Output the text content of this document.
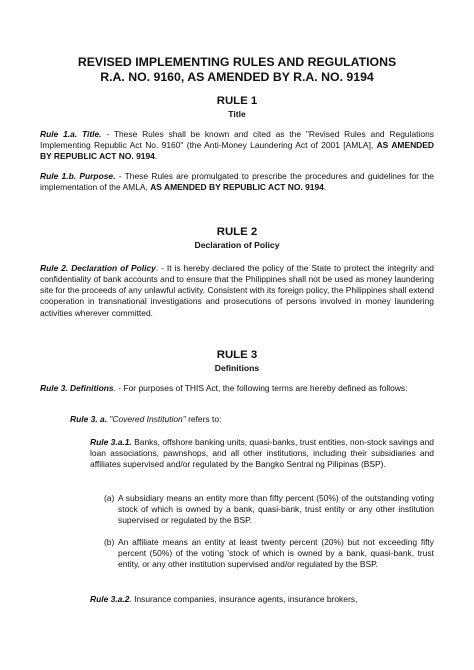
REVISED IMPLEMENTING RULES AND REGULATIONS

R.A. NO. 9160, AS AMENDED BY R.A. NO. 9194

RULE 1

Title

Rule 1.a. Title. - These Rules shall be known and cited as the "Revised Rules and Regulations Implementing Republic Act No. 9160" (the Anti-Money Laundering Act of 2001 [AMLA], AS AMENDED BY REPUBLIC ACT NO. 9194.

Rule 1.b. Purpose. - These Rules are promulgated to prescribe the procedures and guidelines for the implementation of the AMLA, AS AMENDED BY REPUBLIC ACT NO. 9194.

RULE 2

Declaration of Policy

Rule 2. Declaration of Policy. - It is hereby declared the policy of the State to protect the integrity and confidentiality of bank accounts and to ensure that the Philippines shall not be used as money laundering site for the proceeds of any unlawful activity. Consistent with its foreign policy, the Philippines shall extend cooperation in transnational investigations and prosecutions of persons involved in money laundering activities wherever committed.

RULE 3

Definitions

Rule 3. Definitions. - For purposes of THIS Act, the following terms are hereby defined as follows:

Rule 3. a. "Covered Institution" refers to:

Rule 3.a.1. Banks, offshore banking units, quasi-banks, trust entities, non-stock savings and loan associations, pawnshops, and all other institutions, including their subsidiaries and affiliates supervised and/or regulated by the Bangko Sentral ng Pilipinas (BSP).

(a) A subsidiary means an entity more than fifty percent (50%) of the outstanding voting stock of which is owned by a bank, quasi-bank, trust entity or any other institution supervised or regulated by the BSP.

(b) An affiliate means an entity at least twenty percent (20%) but not exceeding fifty percent (50%) of the voting 'stock of which is owned by a bank, quasi-bank, trust entity, or any other institution supervised and/or regulated by the BSP.

Rule 3.a.2. Insurance companies, insurance agents, insurance brokers,
